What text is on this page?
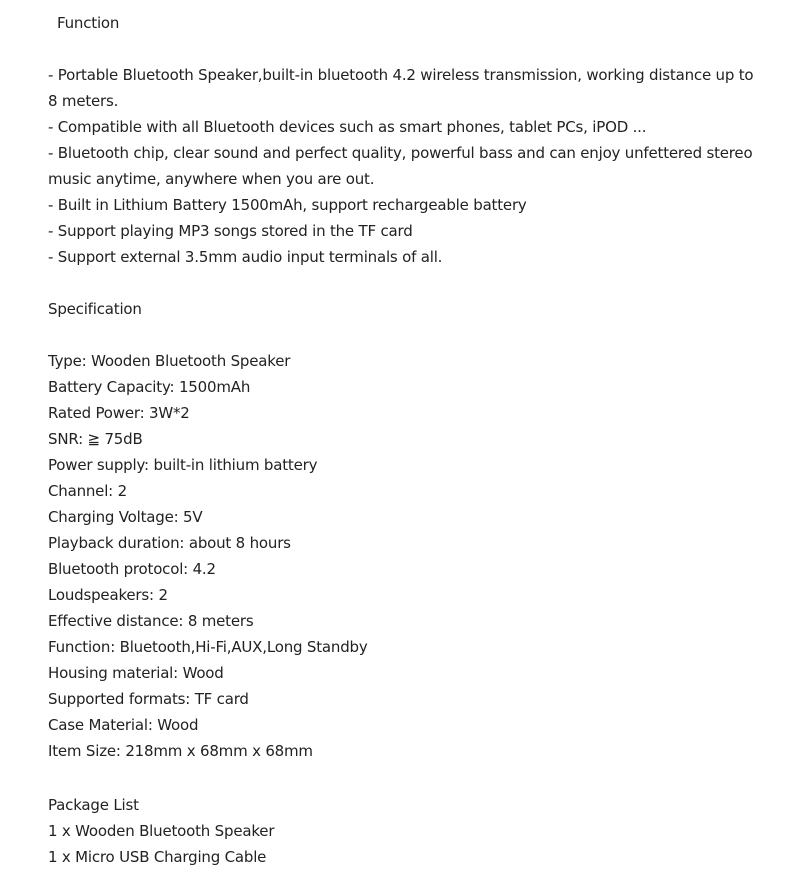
Function
- Portable Bluetooth Speaker,built-in bluetooth 4.2 wireless transmission, working distance up to 8 meters.
- Compatible with all Bluetooth devices such as smart phones, tablet PCs, iPOD ...
- Bluetooth chip, clear sound and perfect quality, powerful bass and can enjoy unfettered stereo music anytime, anywhere when you are out.
- Built in Lithium Battery 1500mAh, support rechargeable battery
- Support playing MP3 songs stored in the TF card
- Support external 3.5mm audio input terminals of all.
Specification
Type: Wooden Bluetooth Speaker
Battery Capacity: 1500mAh
Rated Power: 3W*2
SNR: ≧ 75dB
Power supply: built-in lithium battery
Channel: 2
Charging Voltage: 5V
Playback duration: about 8 hours
Bluetooth protocol: 4.2
Loudspeakers: 2
Effective distance: 8 meters
Function: Bluetooth,Hi-Fi,AUX,Long Standby
Housing material: Wood
Supported formats: TF card
Case Material: Wood
Item Size: 218mm x 68mm x 68mm
Package List
1 x Wooden Bluetooth Speaker
1 x Micro USB Charging Cable
